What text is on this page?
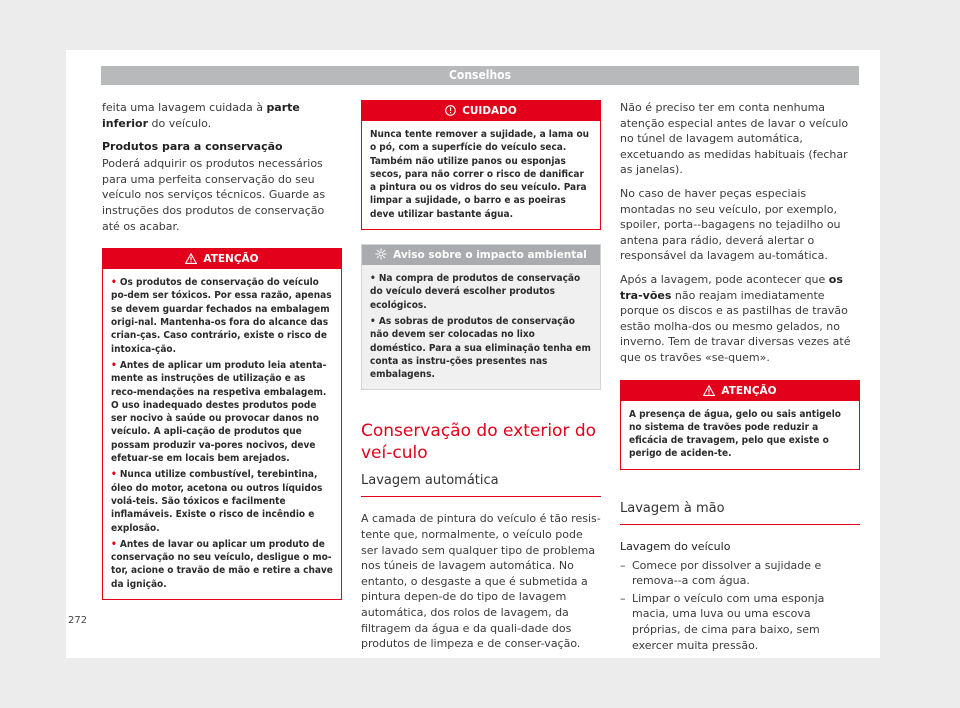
Conselhos

feita uma lavagem cuidada à parte inferior do veículo.

Produtos para a conservação

Poderá adquirir os produtos necessários para uma perfeita conservação do seu veículo nos serviços técnicos. Guarde as instruções dos produtos de conservação até os acabar.

ATENÇÃO
• Os produtos de conservação do veículo po-dem ser tóxicos. Por essa razão, apenas se devem guardar fechados na embalagem origi-nal. Mantenha-os fora do alcance das crian-ças. Caso contrário, existe o risco de intoxica-ção.
• Antes de aplicar um produto leia atenta-mente as instruções de utilização e as reco-mendações na respetiva embalagem. O uso inadequado destes produtos pode ser nocivo à saúde ou provocar danos no veículo. A apli-cação de produtos que possam produzir va-pores nocivos, deve efetuar-se em locais bem arejados.
• Nunca utilize combustível, terebintina, óleo do motor, acetona ou outros líquidos volá-teis. São tóxicos e facilmente inflamáveis. Existe o risco de incêndio e explosão.
• Antes de lavar ou aplicar um produto de conservação no seu veículo, desligue o mo-tor, acione o travão de mão e retire a chave da ignição.
CUIDADO
Nunca tente remover a sujidade, a lama ou o pó, com a superfície do veículo seca. Também não utilize panos ou esponjas secos, para não correr o risco de danificar a pintura ou os vidros do seu veículo. Para limpar a sujidade, o barro e as poeiras deve utilizar bastante água.
Aviso sobre o impacto ambiental
• Na compra de produtos de conservação do veículo deverá escolher produtos ecológicos.
• As sobras de produtos de conservação não devem ser colocadas no lixo doméstico. Para a sua eliminação tenha em conta as instru-ções presentes nas embalagens.
Conservação do exterior do veí-culo
Lavagem automática

A camada de pintura do veículo é tão resis-tente que, normalmente, o veículo pode ser lavado sem qualquer tipo de problema nos túneis de lavagem automática. No entanto, o desgaste a que é submetida a pintura depen-de do tipo de lavagem automática, dos rolos de lavagem, da filtragem da água e da quali-dade dos produtos de limpeza e de conser-vação.

Não é preciso ter em conta nenhuma atenção especial antes de lavar o veículo no túnel de lavagem automática, excetuando as medidas habituais (fechar as janelas).

No caso de haver peças especiais montadas no seu veículo, por exemplo, spoiler, porta--bagagens no tejadilho ou antena para rádio, deverá alertar o responsável da lavagem au-tomática.

Após a lavagem, pode acontecer que os tra-vões não reajam imediatamente porque os discos e as pastilhas de travão estão molha-dos ou mesmo gelados, no inverno. Tem de travar diversas vezes até que os travões «se-quem».

ATENÇÃO
A presença de água, gelo ou sais antigelo no sistema de travões pode reduzir a eficácia de travagem, pelo que existe o perigo de aciden-te.
Lavagem à mão
Lavagem do veículo
– Comece por dissolver a sujidade e remova--a com água.
– Limpar o veículo com uma esponja macia, uma luva ou uma escova próprias, de cima para baixo, sem exercer muita pressão.
272
